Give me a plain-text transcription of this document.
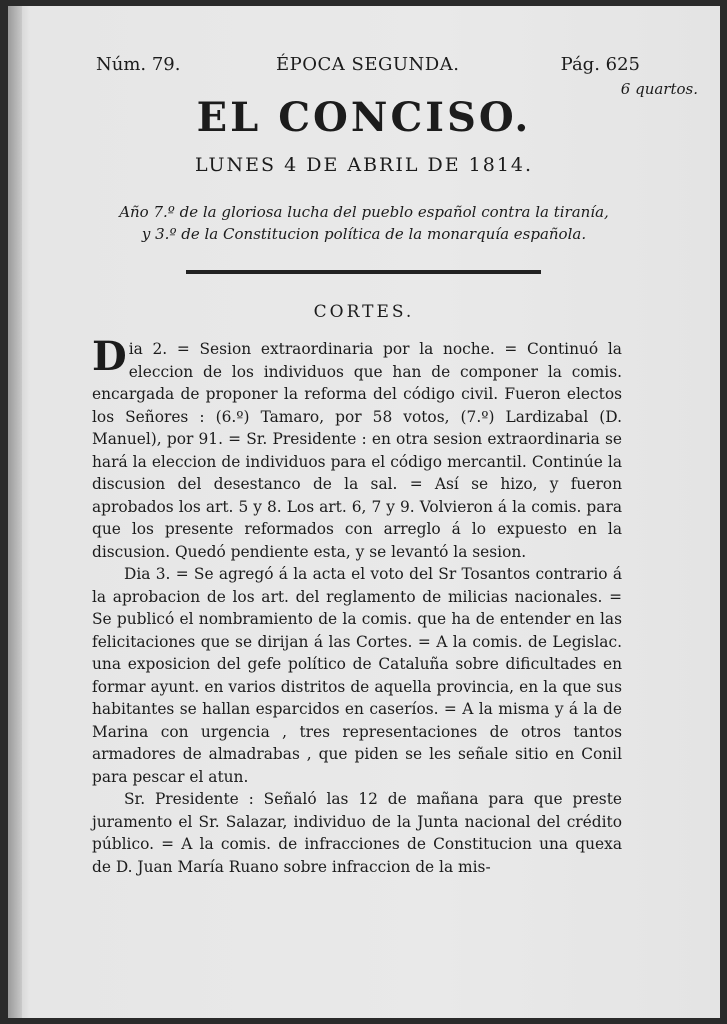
Núm. 79.	ÉPOCA SEGUNDA.	Pág. 625
6 quartos.
EL CONCISO.
LUNES 4 DE ABRIL DE 1814.
Año 7.º de la gloriosa lucha del pueblo español contra la tiranía,
y 3.º de la Constitucion política de la monarquía española.
CORTES.

Dia 2. = Sesion extraordinaria por la noche. = Continuó la eleccion de los individuos que han de componer la comis. encargada de proponer la reforma del código civil. Fueron electos los Señores : (6.º) Tamaro, por 58 votos, (7.º) Lardizabal (D. Manuel), por 91. = Sr. Presidente : en otra sesion extraordinaria se hará la eleccion de individuos para el código mercantil. Continúe la discusion del desestanco de la sal. = Así se hizo, y fueron aprobados los art. 5 y 8. Los art. 6, 7 y 9. Volvieron á la comis. para que los presente reformados con arreglo á lo expuesto en la discusion. Quedó pendiente esta, y se levantó la sesion.

Dia 3. = Se agregó á la acta el voto del Sr Tosantos contrario á la aprobacion de los art. del reglamento de milicias nacionales. = Se publicó el nombramiento de la comis. que ha de entender en las felicitaciones que se dirijan á las Cortes. = A la comis. de Legislac. una exposicion del gefe político de Cataluña sobre dificultades en formar ayunt. en varios distritos de aquella provincia, en la que sus habitantes se hallan esparcidos en caseríos. = A la misma y á la de Marina con urgencia , tres representaciones de otros tantos armadores de almadrabas , que piden se les señale sitio en Conil para pescar el atun.

Sr. Presidente : Señaló las 12 de mañana para que preste juramento el Sr. Salazar, individuo de la Junta nacional del crédito público. = A la comis. de infracciones de Constitucion una quexa de D. Juan María Ruano sobre infraccion de la mis-
